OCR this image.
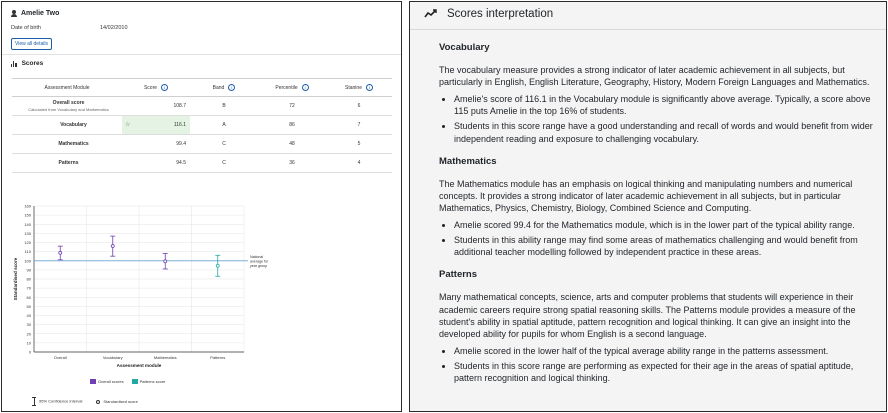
Amelie Two
Date of birth	14/02/2010
View all details
Scores
Assessment Module	Score i	Band i	Percentile i	Stanine i
Overall score
Calculated from Vocabulary and Mathematics	108.7	B	72	6
Vocabulary	☆ 116.1	A	86	7
Mathematics	99.4	C	48	5
Patterns	94.5	C	36	4
0
10
20
30
40
50
60
70
80
90
100
110
120
130
140
150
160
National
average for
year group
Overall	Vocabulary	Mathematics	Patterns
Assessment module
Standardised score
Overall scores	Patterns score
95% Confidence interval	Standardised score
Scores interpretation
Vocabulary

The vocabulary measure provides a strong indicator of later academic achievement in all subjects, but particularly in English, English Literature, Geography, History, Modern Foreign Languages and Mathematics.

• Amelie's score of 116.1 in the Vocabulary module is significantly above average. Typically, a score above 115 puts Amelie in the top 16% of students.
• Students in this score range have a good understanding and recall of words and would benefit from wider independent reading and exposure to challenging vocabulary.
Mathematics

The Mathematics module has an emphasis on logical thinking and manipulating numbers and numerical concepts. It provides a strong indicator of later academic achievement in all subjects, but in particular Mathematics, Physics, Chemistry, Biology, Combined Science and Computing.

• Amelie scored 99.4 for the Mathematics module, which is in the lower part of the typical ability range.
• Students in this ability range may find some areas of mathematics challenging and would benefit from additional teacher modelling followed by independent practice in these areas.
Patterns

Many mathematical concepts, science, arts and computer problems that students will experience in their academic careers require strong spatial reasoning skills. The Patterns module provides a measure of the student's ability in spatial aptitude, pattern recognition and logical thinking. It can give an insight into the developed ability for pupils for whom English is a second language.

• Amelie scored in the lower half of the typical average ability range in the patterns assessment.
• Students in this score range are performing as expected for their age in the areas of spatial aptitude, pattern recognition and logical thinking.
